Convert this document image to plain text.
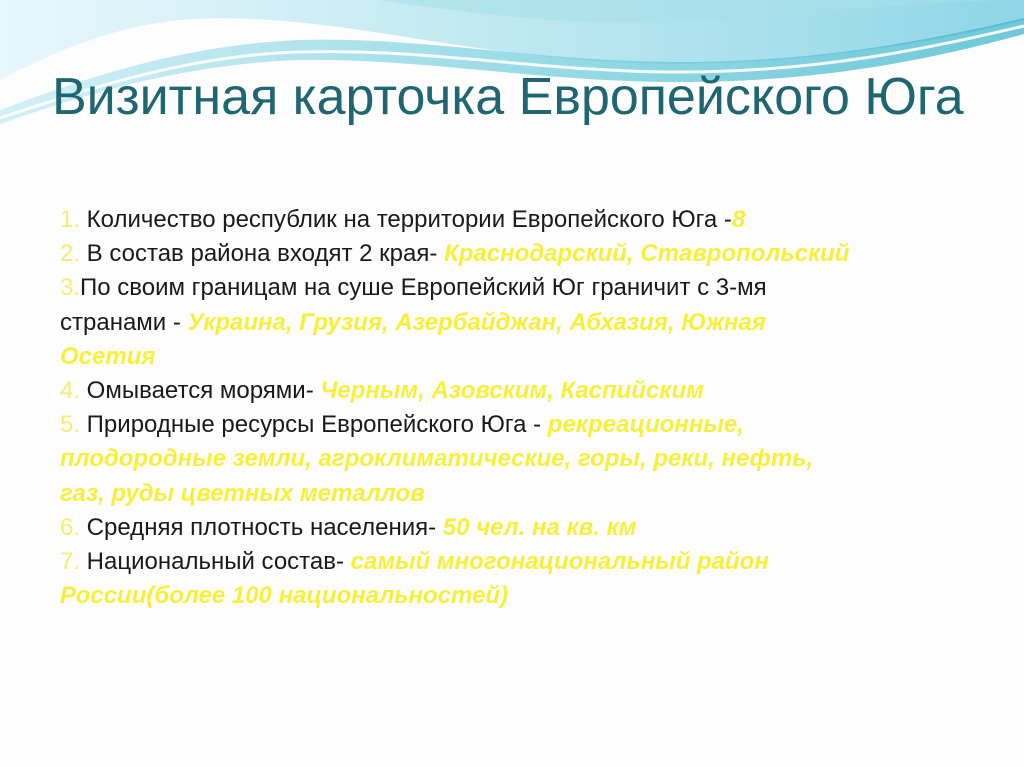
Визитная карточка Европейского Юга
1. Количество республик на территории Европейского Юга -8
2. В состав района входят 2 края- Краснодарский, Ставропольский
3.По своим границам на суше Европейский Юг граничит с 3-мя странами - Украина, Грузия, Азербайджан, Абхазия, Южная Осетия
4. Омывается морями- Черным, Азовским, Каспийским
5. Природные ресурсы Европейского Юга - рекреационные, плодородные земли, агроклиматические, горы, реки, нефть, газ, руды цветных металлов
6. Средняя плотность населения- 50 чел. на кв. км
7. Национальный состав- самый многонациональный район России(более 100 национальностей)
